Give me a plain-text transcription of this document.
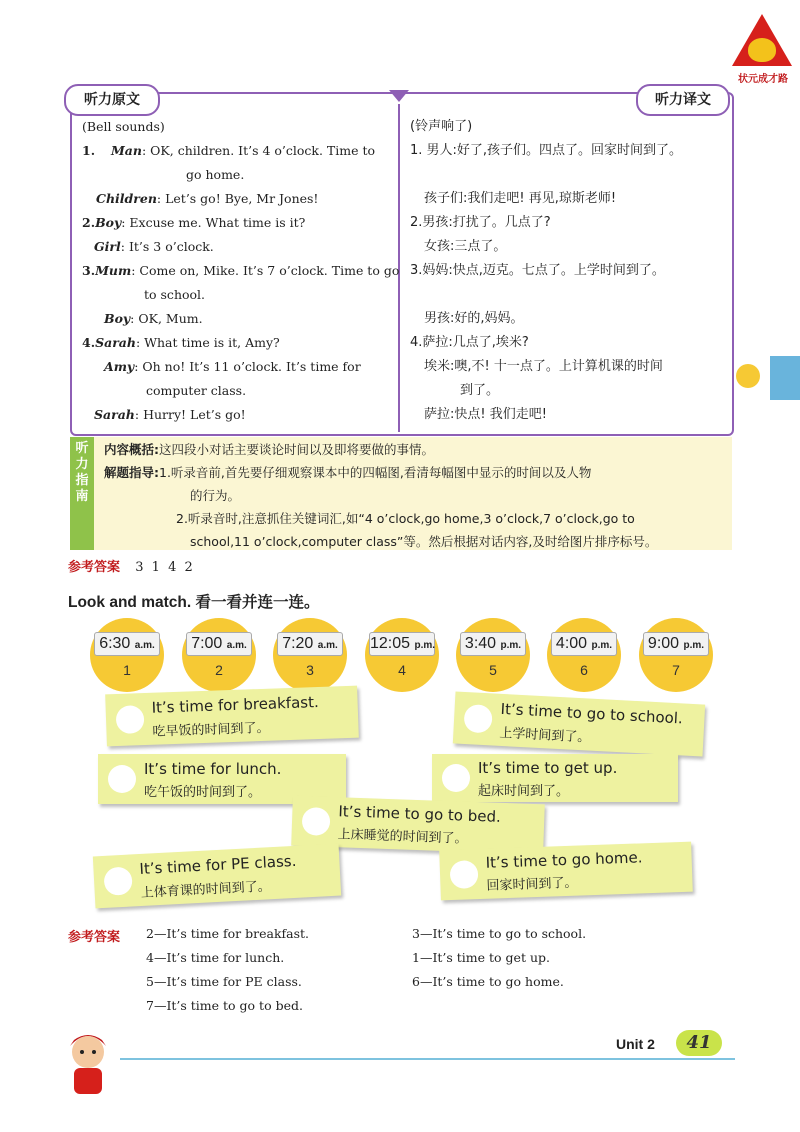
状元成才路
听力原文	听力译文
(Bell sounds)
1. Man: OK, children. It’s 4 o’clock. Time to
go home.
Children: Let’s go! Bye, Mr Jones!
2.Boy: Excuse me. What time is it?
Girl: It’s 3 o’clock.
3.Mum: Come on, Mike. It’s 7 o’clock. Time to go
to school.
Boy: OK, Mum.
4.Sarah: What time is it, Amy?
Amy: Oh no! It’s 11 o’clock. It’s time for
computer class.
Sarah: Hurry! Let’s go!
(铃声响了)
1. 男人:好了,孩子们。四点了。回家时间到了。
孩子们:我们走吧! 再见,琼斯老师!
2.男孩:打扰了。几点了?
女孩:三点了。
3.妈妈:快点,迈克。七点了。上学时间到了。
男孩:好的,妈妈。
4.萨拉:几点了,埃米?
埃米:噢,不! 十一点了。上计算机课的时间
到了。
萨拉:快点! 我们走吧!
听力指南
内容概括:这四段小对话主要谈论时间以及即将要做的事情。
解题指导:1.听录音前,首先要仔细观察课本中的四幅图,看清每幅图中显示的时间以及人物
的行为。
2.听录音时,注意抓住关键词汇,如“4 o’clock,go home,3 o’clock,7 o’clock,go to
school,11 o’clock,computer class”等。然后根据对话内容,及时给图片排序标号。
参考答案 3 1 4 2
Look and match. 看一看并连一连。
6:30 a.m.
1
7:00 a.m.
2
7:20 a.m.
3
12:05 p.m.
4
3:40 p.m.
5
4:00 p.m.
6
9:00 p.m.
7
It’s time for breakfast.
吃早饭的时间到了。
It’s time to go to school.
上学时间到了。
It’s time for lunch.
吃午饭的时间到了。
It’s time to get up.
起床时间到了。
It’s time to go to bed.
上床睡觉的时间到了。
It’s time for PE class.
上体育课的时间到了。
It’s time to go home.
回家时间到了。
参考答案 2—It’s time for breakfast.
4—It’s time for lunch.
5—It’s time for PE class.
7—It’s time to go to bed.
3—It’s time to go to school.
1—It’s time to get up.
6—It’s time to go home.
Unit 2	41
